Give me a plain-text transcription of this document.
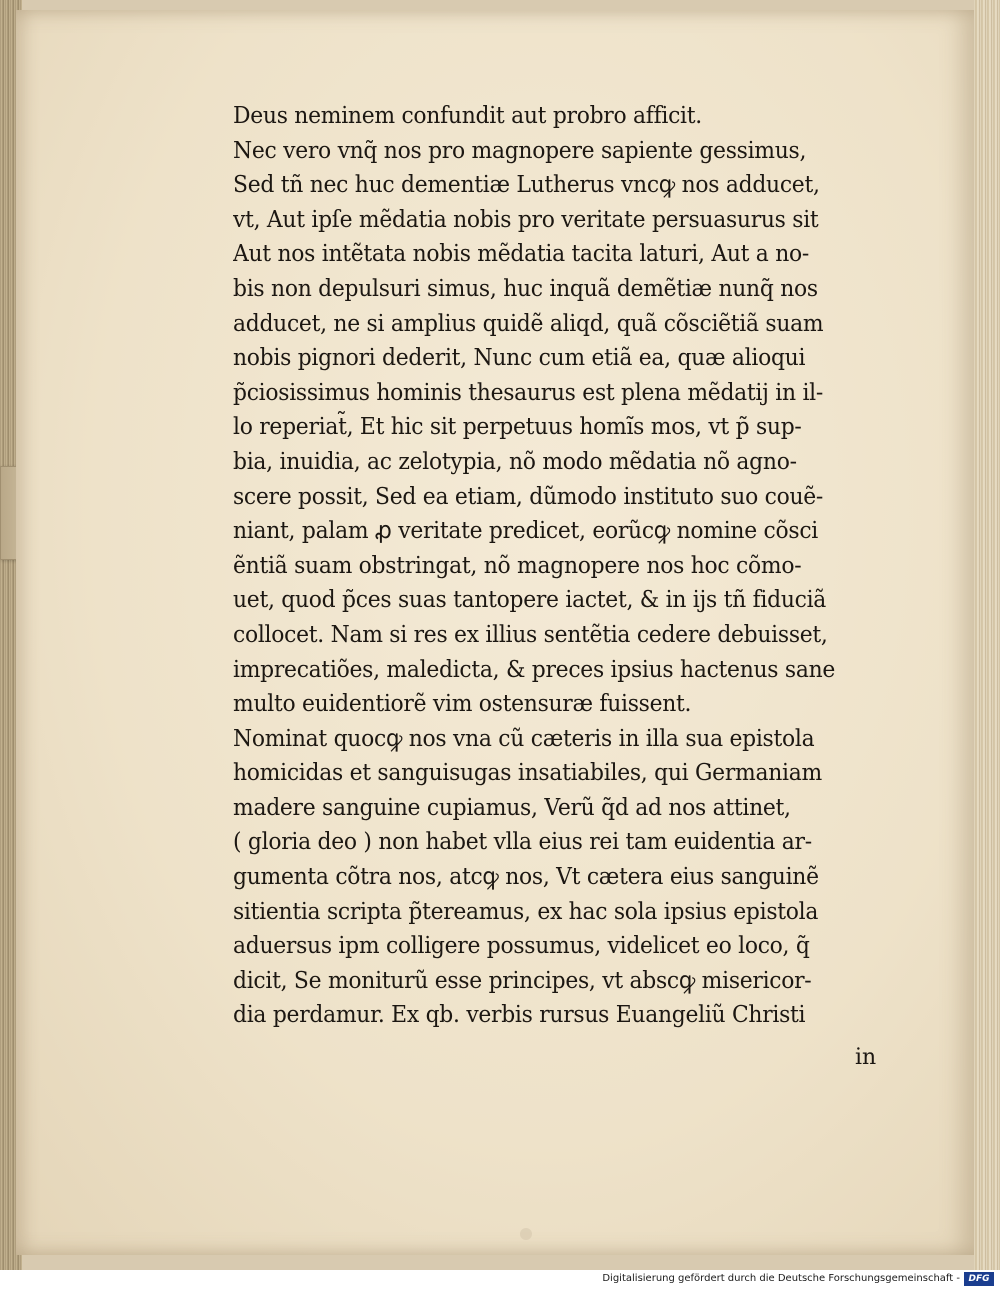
Deus neminem confundit aut probro afficit.
Nec vero vnq̃ nos pro magnopere sapiente gessimus,
Sed tñ nec huc dementiæ Lutherus vncꝙ nos adducet,
vt, Aut ipſe mẽdatia nobis pro veritate persuasurus sit
Aut nos intẽtata nobis mẽdatia tacita laturi, Aut a no-
bis non depulsuri simus, huc inquã demẽtiæ nunq̃ nos
adducet, ne si amplius quidẽ aliqd, quã cõsciẽtiã suam
nobis pignori dederit, Nunc cum etiã ea, quæ alioqui
p̃ciosissimus hominis thesaurus est plena mẽdatij in il-
lo reperiat̃, Et hic sit perpetuus homĩs mos, vt p̃ sup-
bia, inuidia, ac zelotypia, nõ modo mẽdatia nõ agno-
scere possit, Sed ea etiam, dũmodo instituto suo couẽ-
niant, palam ꝓ veritate predicet, eorũcꝙ nomine cõsci
ẽntiã suam obstringat, nõ magnopere nos hoc cõmo-
uet, quod p̃ces suas tantopere iactet, & in ijs tñ fiduciã
collocet. Nam si res ex illius sentẽtia cedere debuisset,
imprecatiões, maledicta, & preces ipsius hactenus sane
multo euidentiorẽ vim ostensuræ fuissent.
Nominat quocꝙ nos vna cũ cæteris in illa sua epistola
homicidas et sanguisugas insatiabiles, qui Germaniam
madere sanguine cupiamus, Verũ q̃d ad nos attinet,
( gloria deo ) non habet vlla eius rei tam euidentia ar-
gumenta cõtra nos, atcꝙ nos, Vt cætera eius sanguinẽ
sitientia scripta p̃tereamus, ex hac sola ipsius epistola
aduersus ipm colligere possumus, videlicet eo loco, q̃
dicit, Se moniturũ esse principes, vt abscꝙ misericor-
dia perdamur. Ex qb. verbis rursus Euangeliũ Christi
in
Digitalisierung gefördert durch die Deutsche Forschungsgemeinschaft - DFG
